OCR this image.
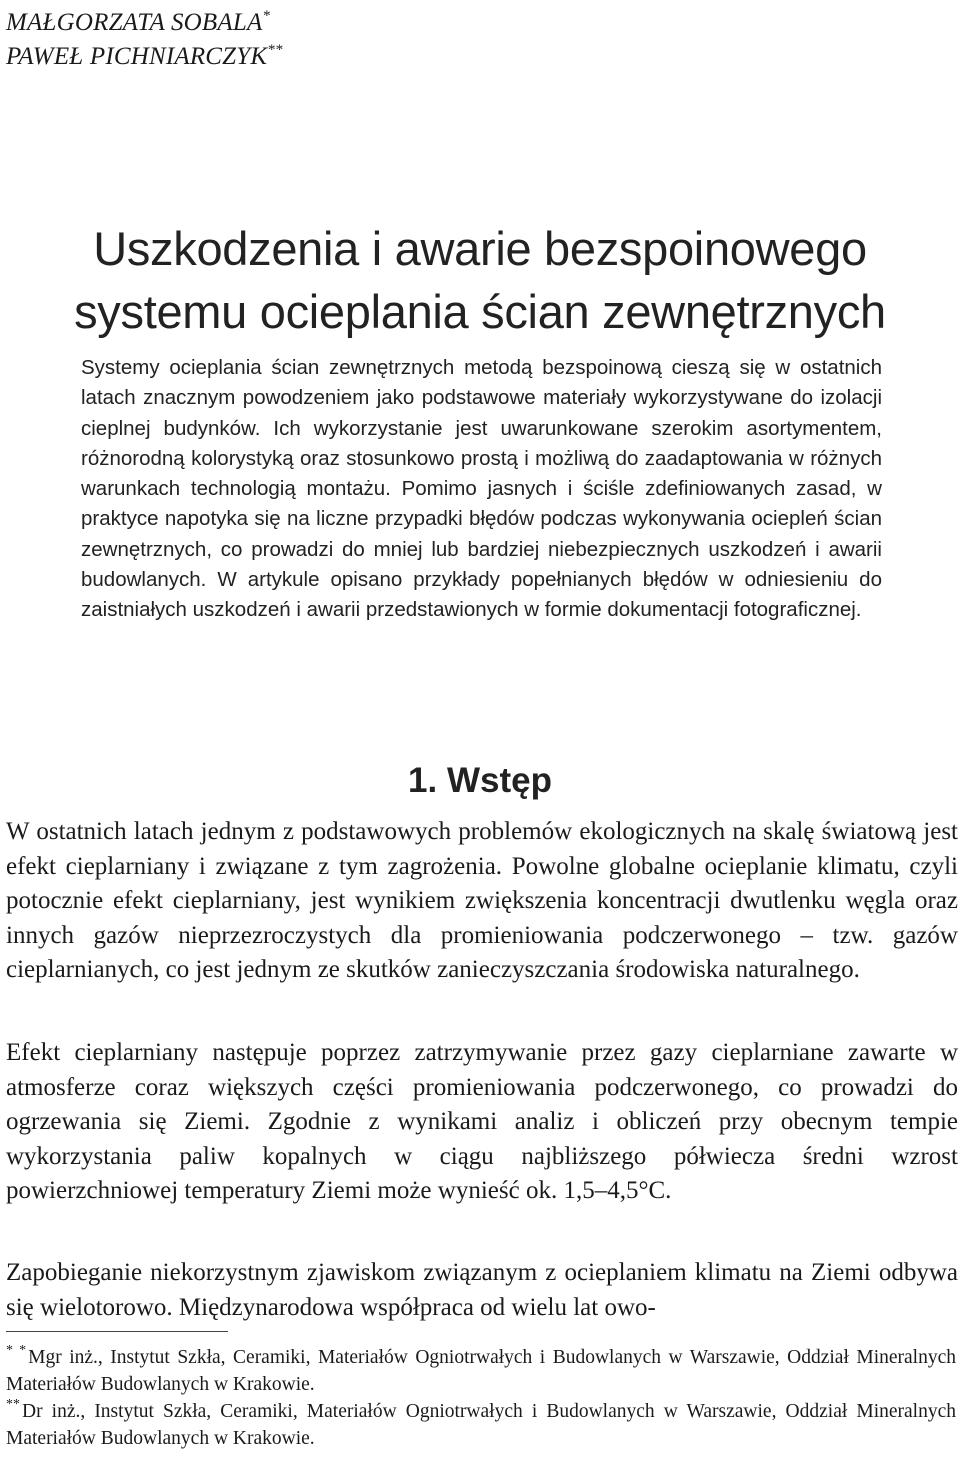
MAŁGORZATA SOBALA*
PAWEŁ PICHNIARCZYK**
Uszkodzenia i awarie bezspoinowego
systemu ocieplania ścian zewnętrznych

Systemy ocieplania ścian zewnętrznych metodą bezspoinową cieszą się w ostatnich latach znacznym powodzeniem jako podstawowe materiały wykorzystywane do izolacji cieplnej budynków. Ich wykorzystanie jest uwarunkowane szerokim asortymentem, różnorodną kolorystyką oraz stosunkowo prostą i możliwą do zaadaptowania w różnych warunkach technologią montażu. Pomimo jasnych i ściśle zdefiniowanych zasad, w praktyce napotyka się na liczne przypadki błędów podczas wykonywania ociepleń ścian zewnętrznych, co prowadzi do mniej lub bardziej niebezpiecznych uszkodzeń i awarii budowlanych. W artykule opisano przykłady popełnianych błędów w odniesieniu do zaistniałych uszkodzeń i awarii przedstawionych w formie dokumentacji fotograficznej.

1. Wstęp

W ostatnich latach jednym z podstawowych problemów ekologicznych na skalę światową jest efekt cieplarniany i związane z tym zagrożenia. Powolne globalne ocieplanie klimatu, czyli potocznie efekt cieplarniany, jest wynikiem zwiększenia koncentracji dwutlenku węgla oraz innych gazów nieprzezroczystych dla promieniowania podczerwonego – tzw. gazów cieplarnianych, co jest jednym ze skutków zanieczyszczania środowiska naturalnego.

Efekt cieplarniany następuje poprzez zatrzymywanie przez gazy cieplarniane zawarte w atmosferze coraz większych części promieniowania podczerwonego, co prowadzi do ogrzewania się Ziemi. Zgodnie z wynikami analiz i obliczeń przy obecnym tempie wykorzystania paliw kopalnych w ciągu najbliższego półwiecza średni wzrost powierzchniowej temperatury Ziemi może wynieść ok. 1,5–4,5°C.

Zapobieganie niekorzystnym zjawiskom związanym z ocieplaniem klimatu na Ziemi odbywa się wielotorowo. Międzynarodowa współpraca od wielu lat owo-

* * Mgr inż., Instytut Szkła, Ceramiki, Materiałów Ogniotrwałych i Budowlanych w Warszawie, Oddział Mineralnych Materiałów Budowlanych w Krakowie.

** Dr inż., Instytut Szkła, Ceramiki, Materiałów Ogniotrwałych i Budowlanych w Warszawie, Oddział Mineralnych Materiałów Budowlanych w Krakowie.
